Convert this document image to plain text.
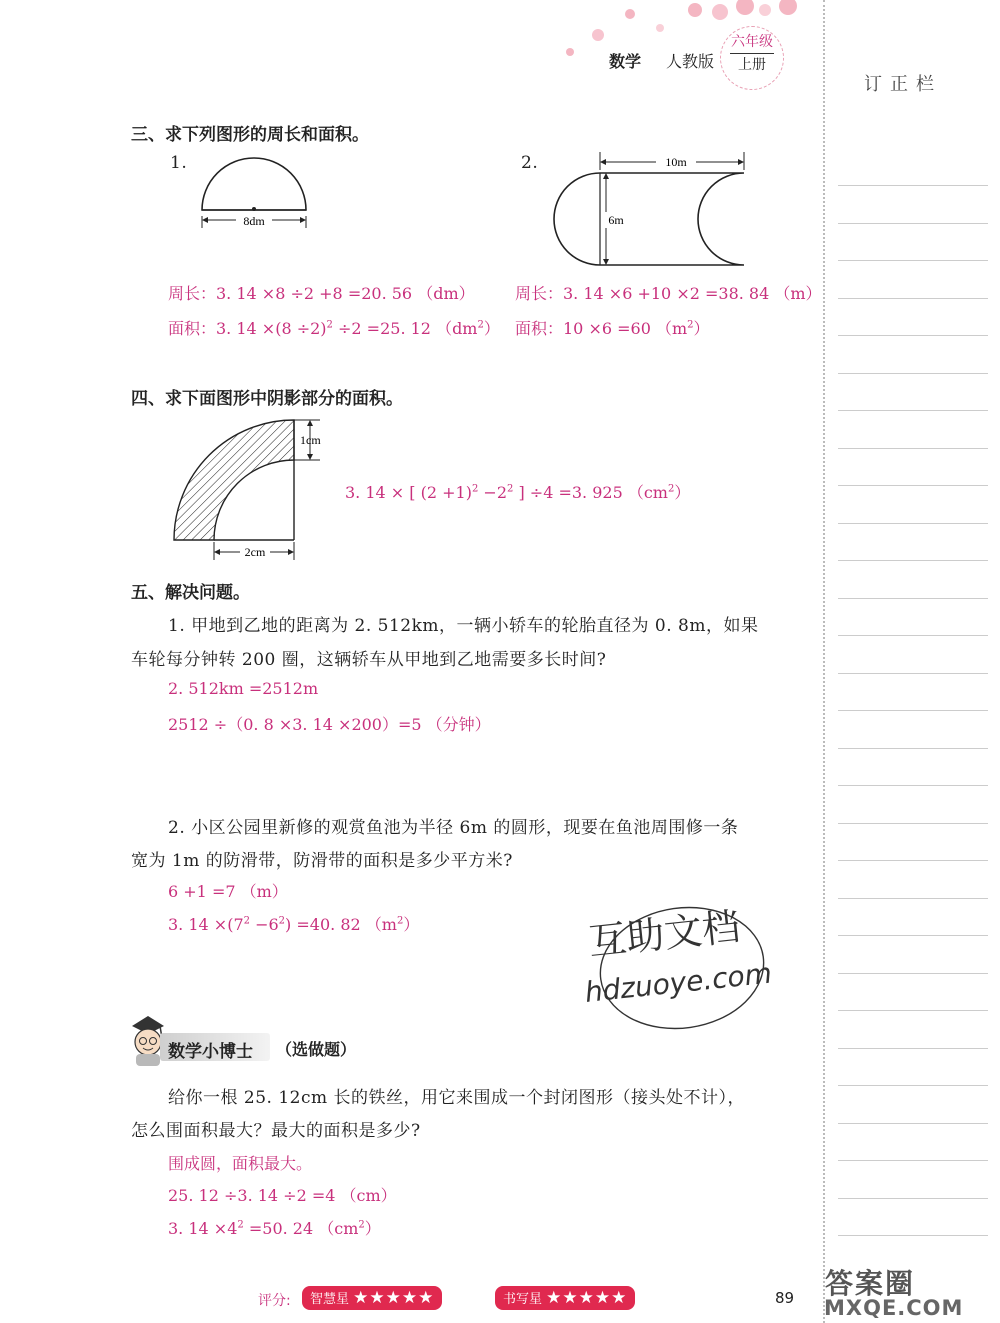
数学 人教版
六年级
上册
订正栏
三、求下列图形的周长和面积。
1.
8dm
2.	10m
6m
周长：3. 14 ×8 ÷2 +8 =20. 56 （dm）
面积：3. $14 \times(8 \div 2)^2 \div 2 =25$. 12 $(dm^2)$
周长：3. 14 ×6 +10 ×2 =38. 84 （m）
面积：10 ×6 =60 $(m^2)$
四、求下面图形中阴影部分的面积。
1cm
2cm
3. 14 × [ $(2 +1)^2 -2^2$ ] ÷4 =3. 925 $(cm^2)$
五、解决问题。
1. 甲地到乙地的距离为 2. 512km，一辆小轿车的轮胎直径为 0. 8m，如果
车轮每分钟转 200 圈，这辆轿车从甲地到乙地需要多长时间?
2. 512km =2512m
2512 ÷（0. 8 ×3. 14 ×200）=5 （分钟）
2. 小区公园里新修的观赏鱼池为半径 6m 的圆形，现要在鱼池周围修一条
宽为 1m 的防滑带，防滑带的面积是多少平方米?
6 +1 =7 （m）
3. $14 \times(7^2 -6^2) =40$. 82 $(m^2)$	互助文档
hdzuoye.com
数学小博士 （选做题）
给你一根 25. 12cm 长的铁丝，用它来围成一个封闭图形（接头处不计），
怎么围面积最大？最大的面积是多少?
围成圆，面积最大。
25. 12 ÷3. 14 ÷2 =4 （cm）
3. $14 \times 4^2 =50$. 24 $(cm^2)$
评分:	智慧星 ★★★★★	书写星 ★★★★★	89 答案圈
MXQE.COM
